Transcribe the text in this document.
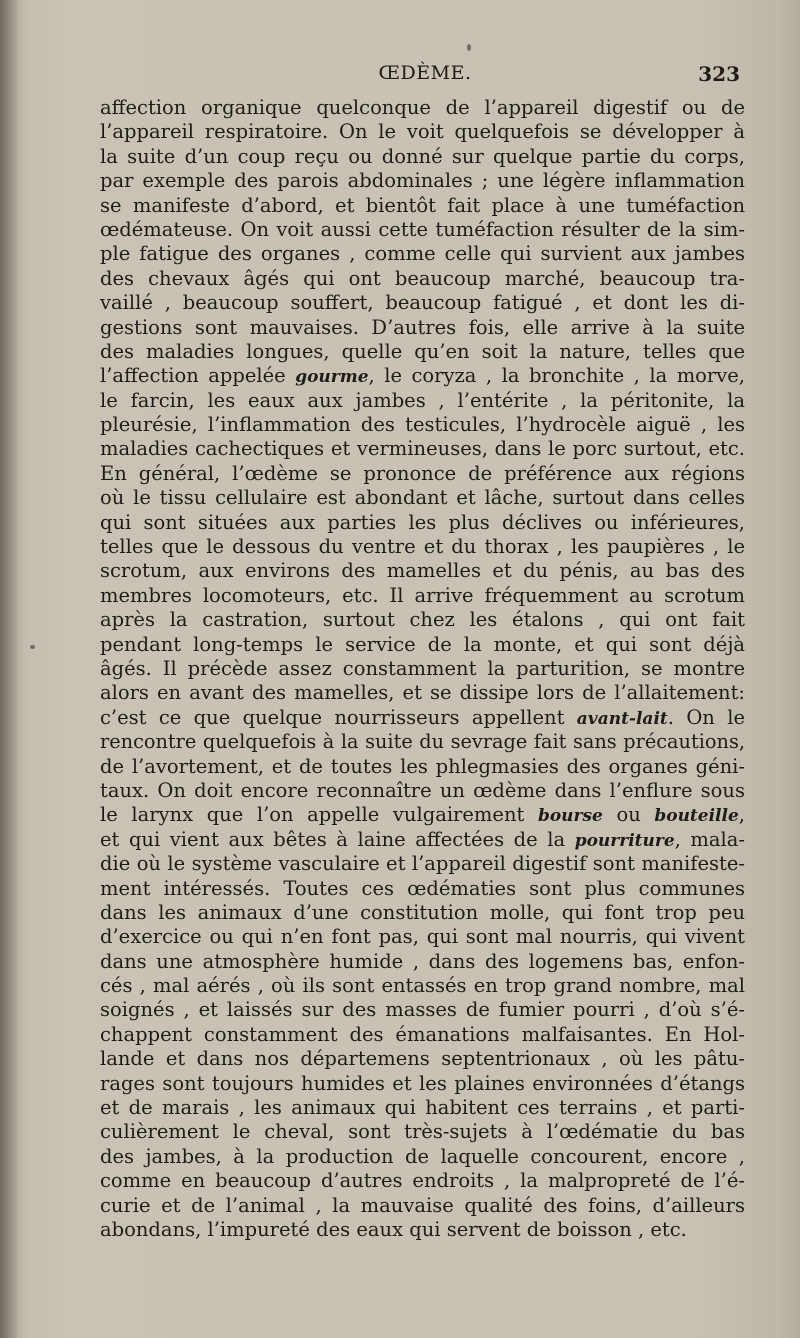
ŒDÈME.	323
affection organique quelconque de l’appareil digestif ou de
l’appareil respiratoire. On le voit quelquefois se développer à
la suite d’un coup reçu ou donné sur quelque partie du corps,
par exemple des parois abdominales ; une légère inflammation
se manifeste d’abord, et bientôt fait place à une tuméfaction
œdémateuse. On voit aussi cette tuméfaction résulter de la sim-
ple fatigue des organes , comme celle qui survient aux jambes
des chevaux âgés qui ont beaucoup marché, beaucoup tra-
vaillé , beaucoup souffert, beaucoup fatigué , et dont les di-
gestions sont mauvaises. D’autres fois, elle arrive à la suite
des maladies longues, quelle qu’en soit la nature, telles que
l’affection appelée gourme, le coryza , la bronchite , la morve,
le farcin, les eaux aux jambes , l’entérite , la péritonite, la
pleurésie, l’inflammation des testicules, l’hydrocèle aiguë , les
maladies cachectiques et vermineuses, dans le porc surtout, etc.
En général, l’œdème se prononce de préférence aux régions
où le tissu cellulaire est abondant et lâche, surtout dans celles
qui sont situées aux parties les plus déclives ou inférieures,
telles que le dessous du ventre et du thorax , les paupières , le
scrotum, aux environs des mamelles et du pénis, au bas des
membres locomoteurs, etc. Il arrive fréquemment au scrotum
après la castration, surtout chez les étalons , qui ont fait
pendant long-temps le service de la monte, et qui sont déjà
âgés. Il précède assez constamment la parturition, se montre
alors en avant des mamelles, et se dissipe lors de l’allaitement:
c’est ce que quelque nourrisseurs appellent avant-lait. On le
rencontre quelquefois à la suite du sevrage fait sans précautions,
de l’avortement, et de toutes les phlegmasies des organes géni-
taux. On doit encore reconnaître un œdème dans l’enflure sous
le larynx que l’on appelle vulgairement bourse ou bouteille,
et qui vient aux bêtes à laine affectées de la pourriture, mala-
die où le système vasculaire et l’appareil digestif sont manifeste-
ment intéressés. Toutes ces œdématies sont plus communes
dans les animaux d’une constitution molle, qui font trop peu
d’exercice ou qui n’en font pas, qui sont mal nourris, qui vivent
dans une atmosphère humide , dans des logemens bas, enfon-
cés , mal aérés , où ils sont entassés en trop grand nombre, mal
soignés , et laissés sur des masses de fumier pourri , d’où s’é-
chappent constamment des émanations malfaisantes. En Hol-
lande et dans nos départemens septentrionaux , où les pâtu-
rages sont toujours humides et les plaines environnées d’étangs
et de marais , les animaux qui habitent ces terrains , et parti-
culièrement le cheval, sont très-sujets à l’œdématie du bas
des jambes, à la production de laquelle concourent, encore ,
comme en beaucoup d’autres endroits , la malpropreté de l’é-
curie et de l’animal , la mauvaise qualité des foins, d’ailleurs
abondans, l’impureté des eaux qui servent de boisson , etc.
